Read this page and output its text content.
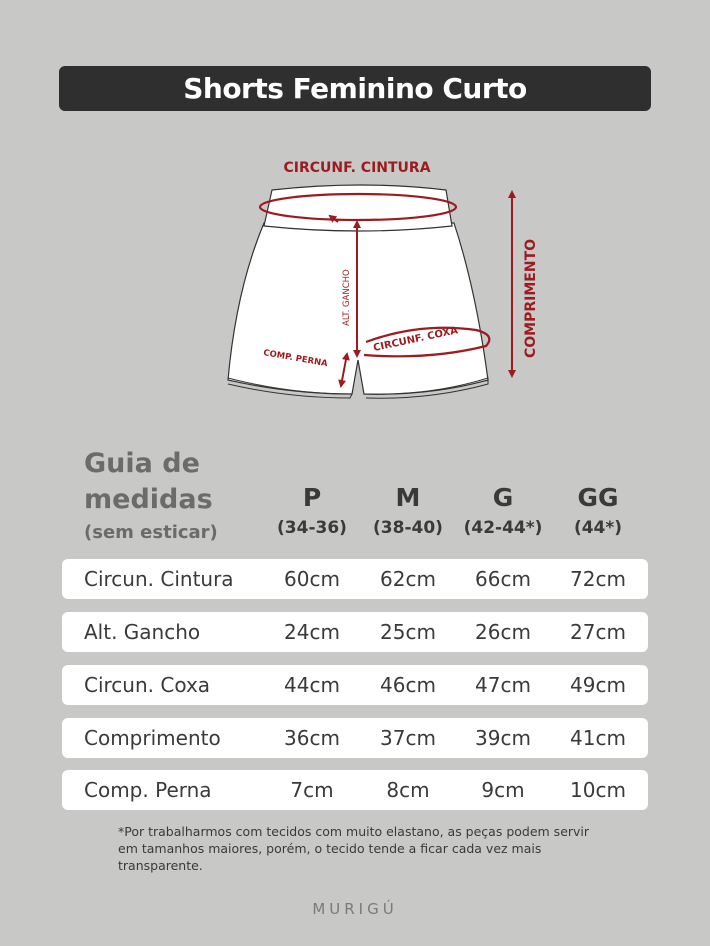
Shorts Feminino Curto
CIRCUNF. CINTURA
ALT. GANCHO
CIRCUNF. COXA
COMP. PERNA
COMPRIMENTO
Guia de
medidas
(sem esticar)
P
(34-36)
M
(38-40)
G
(42-44*)
GG
(44*)
Circun. Cintura	60cm	62cm	66cm	72cm
Alt. Gancho	24cm	25cm	26cm	27cm
Circun. Coxa	44cm	46cm	47cm	49cm
Comprimento	36cm	37cm	39cm	41cm
Comp. Perna	7cm	8cm	9cm	10cm
*Por trabalharmos com tecidos com muito elastano, as peças podem servir em tamanhos maiores, porém, o tecido tende a ficar cada vez mais transparente.
MURIGÚ
